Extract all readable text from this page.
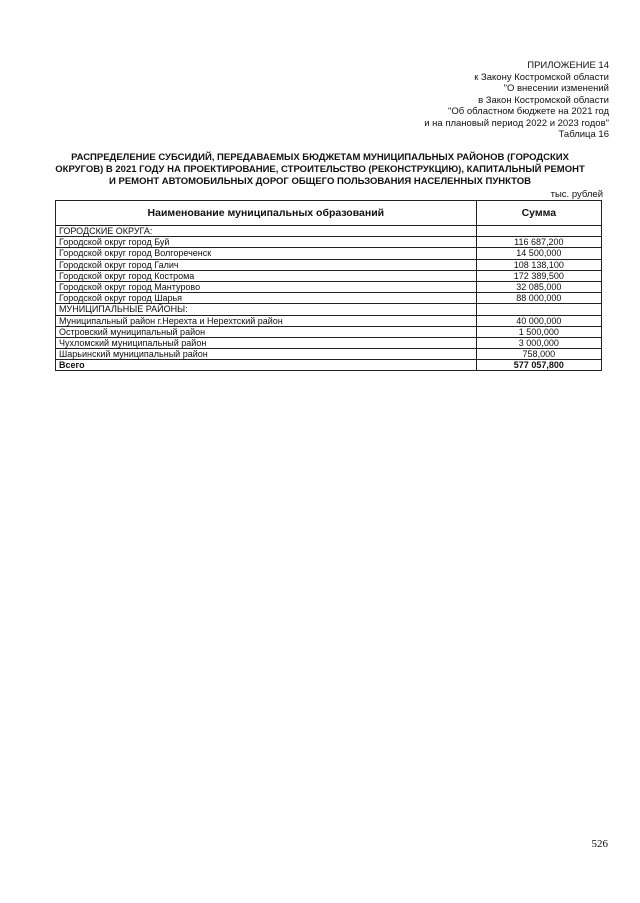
ПРИЛОЖЕНИЕ 14
к Закону Костромской области
"О внесении изменений
в Закон Костромской области
"Об областном бюджете на 2021 год
и на плановый период 2022 и 2023 годов"
Таблица 16
РАСПРЕДЕЛЕНИЕ СУБСИДИЙ, ПЕРЕДАВАЕМЫХ БЮДЖЕТАМ МУНИЦИПАЛЬНЫХ РАЙОНОВ (ГОРОДСКИХ
ОКРУГОВ) В 2021 ГОДУ НА ПРОЕКТИРОВАНИЕ, СТРОИТЕЛЬСТВО (РЕКОНСТРУКЦИЮ), КАПИТАЛЬНЫЙ РЕМОНТ
И РЕМОНТ АВТОМОБИЛЬНЫХ ДОРОГ ОБЩЕГО ПОЛЬЗОВАНИЯ НАСЕЛЕННЫХ ПУНКТОВ
тыс. рублей
Наименование муниципальных образований	Сумма
ГОРОДСКИЕ ОКРУГА:	
Городской округ город Буй	116 687,200
Городской округ город Волгореченск	14 500,000
Городской округ город Галич	108 138,100
Городской округ город Кострома	172 389,500
Городской округ город Мантурово	32 085,000
Городской округ город Шарья	88 000,000
МУНИЦИПАЛЬНЫЕ РАЙОНЫ:	
Муниципальный район г.Нерехта и Нерехтский район	40 000,000
Островский муниципальный район	1 500,000
Чухломский муниципальный район	3 000,000
Шарьинский муниципальный район	758,000
Всего	577 057,800
526
